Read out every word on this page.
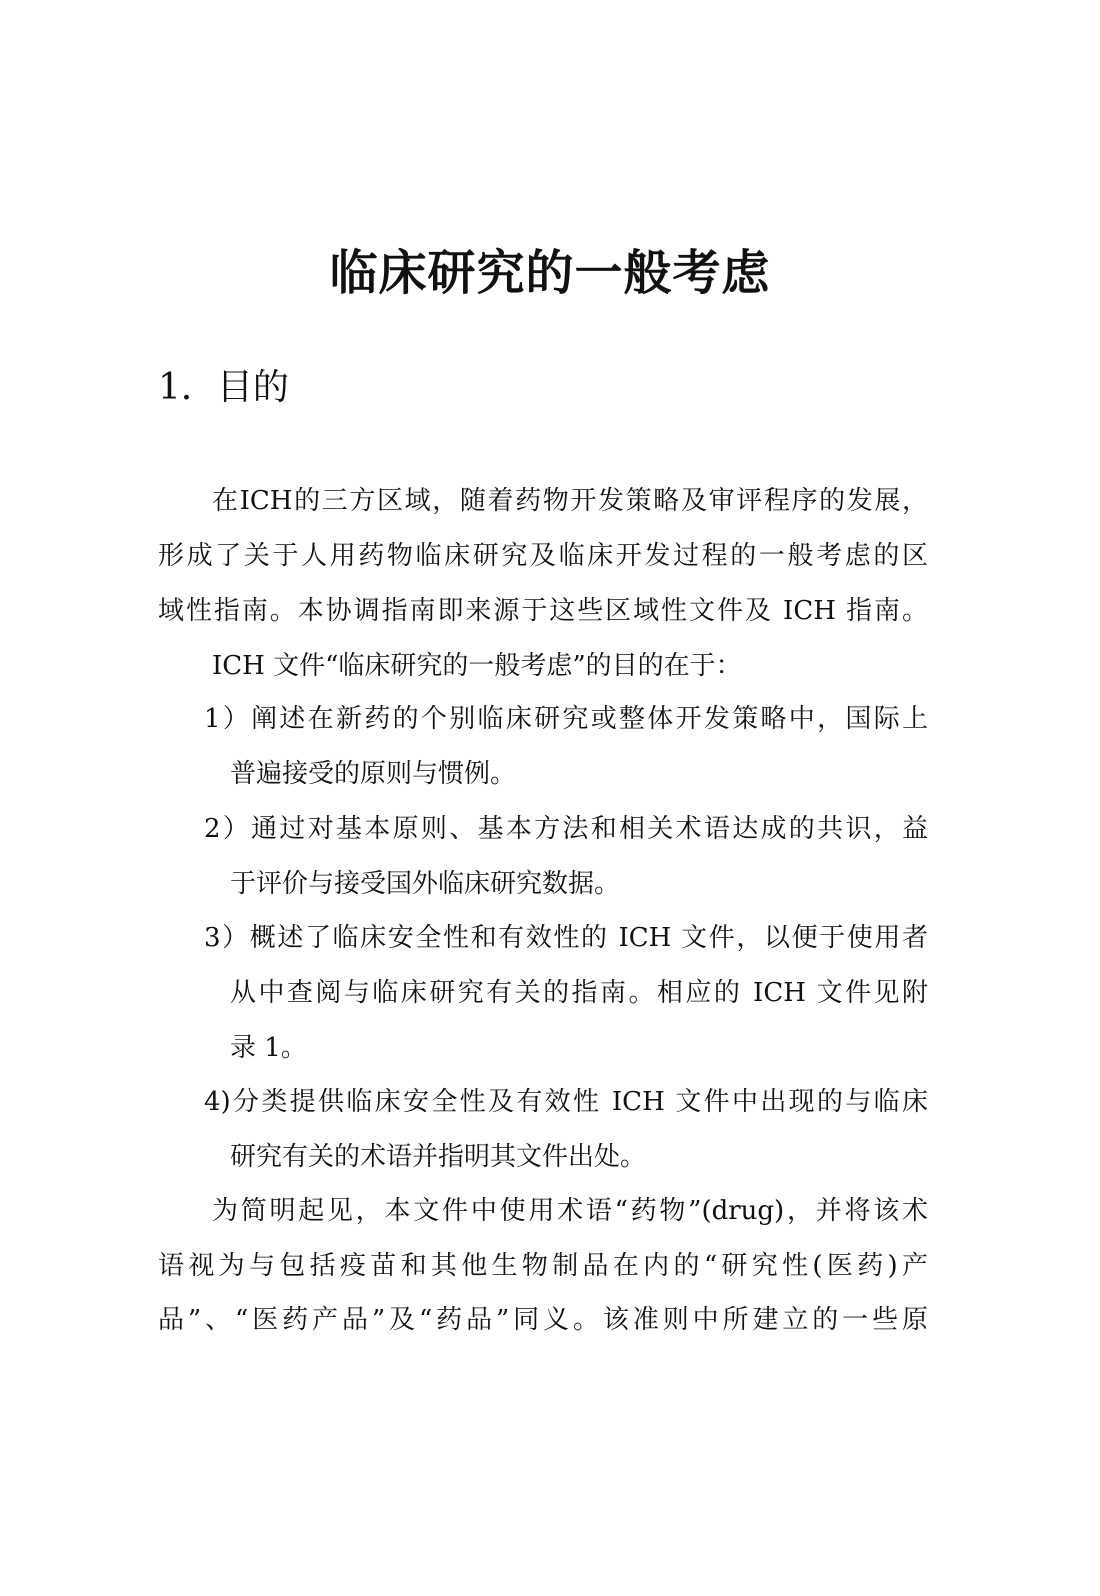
临床研究的一般考虑
1．目的
在ICH的三方区域，随着药物开发策略及审评程序的发展，
形成了关于人用药物临床研究及临床开发过程的一般考虑的区
域性指南。本协调指南即来源于这些区域性文件及 ICH 指南。
ICH 文件“临床研究的一般考虑”的目的在于：
1）阐述在新药的个别临床研究或整体开发策略中，国际上
普遍接受的原则与惯例。
2）通过对基本原则、基本方法和相关术语达成的共识，益
于评价与接受国外临床研究数据。
3）概述了临床安全性和有效性的 ICH 文件，以便于使用者
从中查阅与临床研究有关的指南。相应的 ICH 文件见附
录 1。
4)分类提供临床安全性及有效性 ICH 文件中出现的与临床
研究有关的术语并指明其文件出处。
为简明起见，本文件中使用术语“药物”(drug)，并将该术
语视为与包括疫苗和其他生物制品在内的“研究性(医药)产
品”、“医药产品”及“药品”同义。该准则中所建立的一些原
